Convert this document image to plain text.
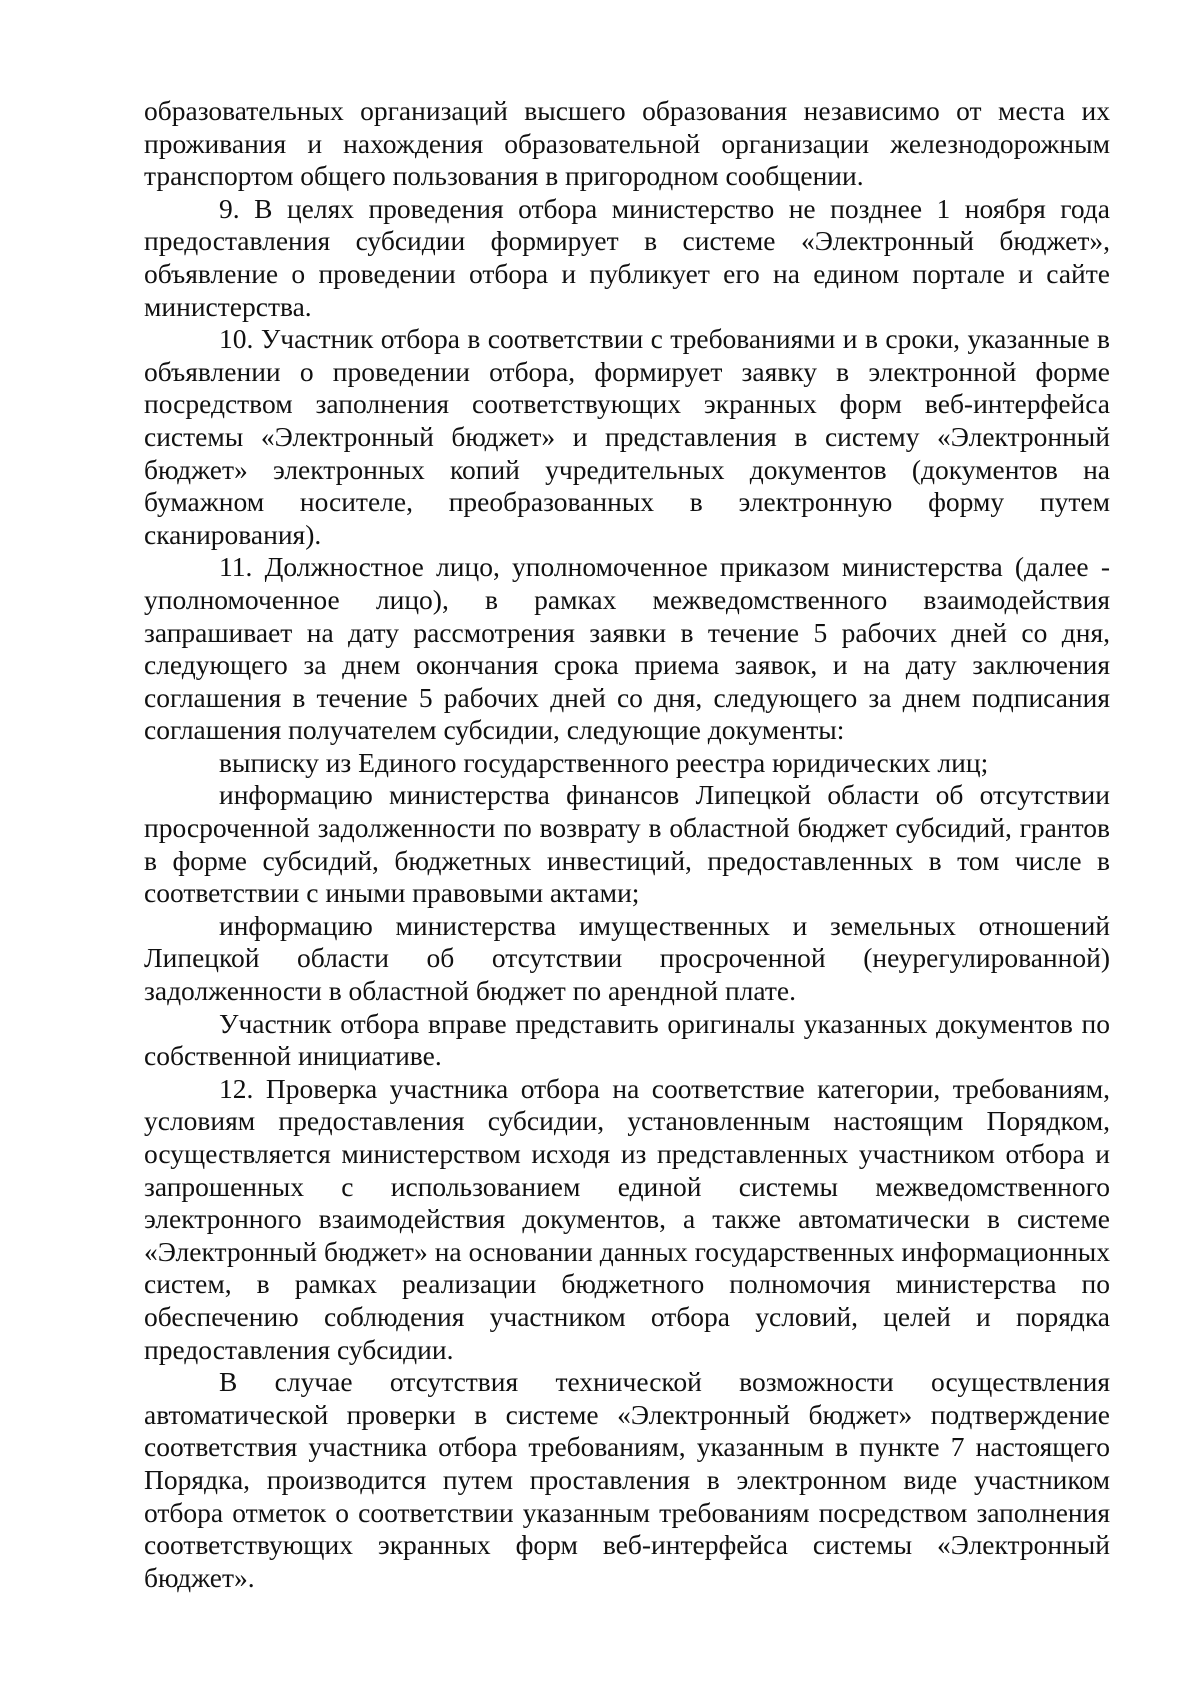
образовательных организаций высшего образования независимо от места их проживания и нахождения образовательной организации железнодорожным транспортом общего пользования в пригородном сообщении.

9. В целях проведения отбора министерство не позднее 1 ноября года предоставления субсидии формирует в системе «Электронный бюджет», объявление о проведении отбора и публикует его на едином портале и сайте министерства.

10. Участник отбора в соответствии с требованиями и в сроки, указанные в объявлении о проведении отбора, формирует заявку в электронной форме посредством заполнения соответствующих экранных форм веб-интерфейса системы «Электронный бюджет» и представления в систему «Электронный бюджет» электронных копий учредительных документов (документов на бумажном носителе, преобразованных в электронную форму путем сканирования).

11. Должностное лицо, уполномоченное приказом министерства (далее - уполномоченное лицо), в рамках межведомственного взаимодействия запрашивает на дату рассмотрения заявки в течение 5 рабочих дней со дня, следующего за днем окончания срока приема заявок, и на дату заключения соглашения в течение 5 рабочих дней со дня, следующего за днем подписания соглашения получателем субсидии, следующие документы:

выписку из Единого государственного реестра юридических лиц;

информацию министерства финансов Липецкой области об отсутствии просроченной задолженности по возврату в областной бюджет субсидий, грантов в форме субсидий, бюджетных инвестиций, предоставленных в том числе в соответствии с иными правовыми актами;

информацию министерства имущественных и земельных отношений Липецкой области об отсутствии просроченной (неурегулированной) задолженности в областной бюджет по арендной плате.

Участник отбора вправе представить оригиналы указанных документов по собственной инициативе.

12. Проверка участника отбора на соответствие категории, требованиям, условиям предоставления субсидии, установленным настоящим Порядком, осуществляется министерством исходя из представленных участником отбора и запрошенных с использованием единой системы межведомственного электронного взаимодействия документов, а также автоматически в системе «Электронный бюджет» на основании данных государственных информационных систем, в рамках реализации бюджетного полномочия министерства по обеспечению соблюдения участником отбора условий, целей и порядка предоставления субсидии.

В случае отсутствия технической возможности осуществления автоматической проверки в системе «Электронный бюджет» подтверждение соответствия участника отбора требованиям, указанным в пункте 7 настоящего Порядка, производится путем проставления в электронном виде участником отбора отметок о соответствии указанным требованиям посредством заполнения соответствующих экранных форм веб-интерфейса системы «Электронный бюджет».
